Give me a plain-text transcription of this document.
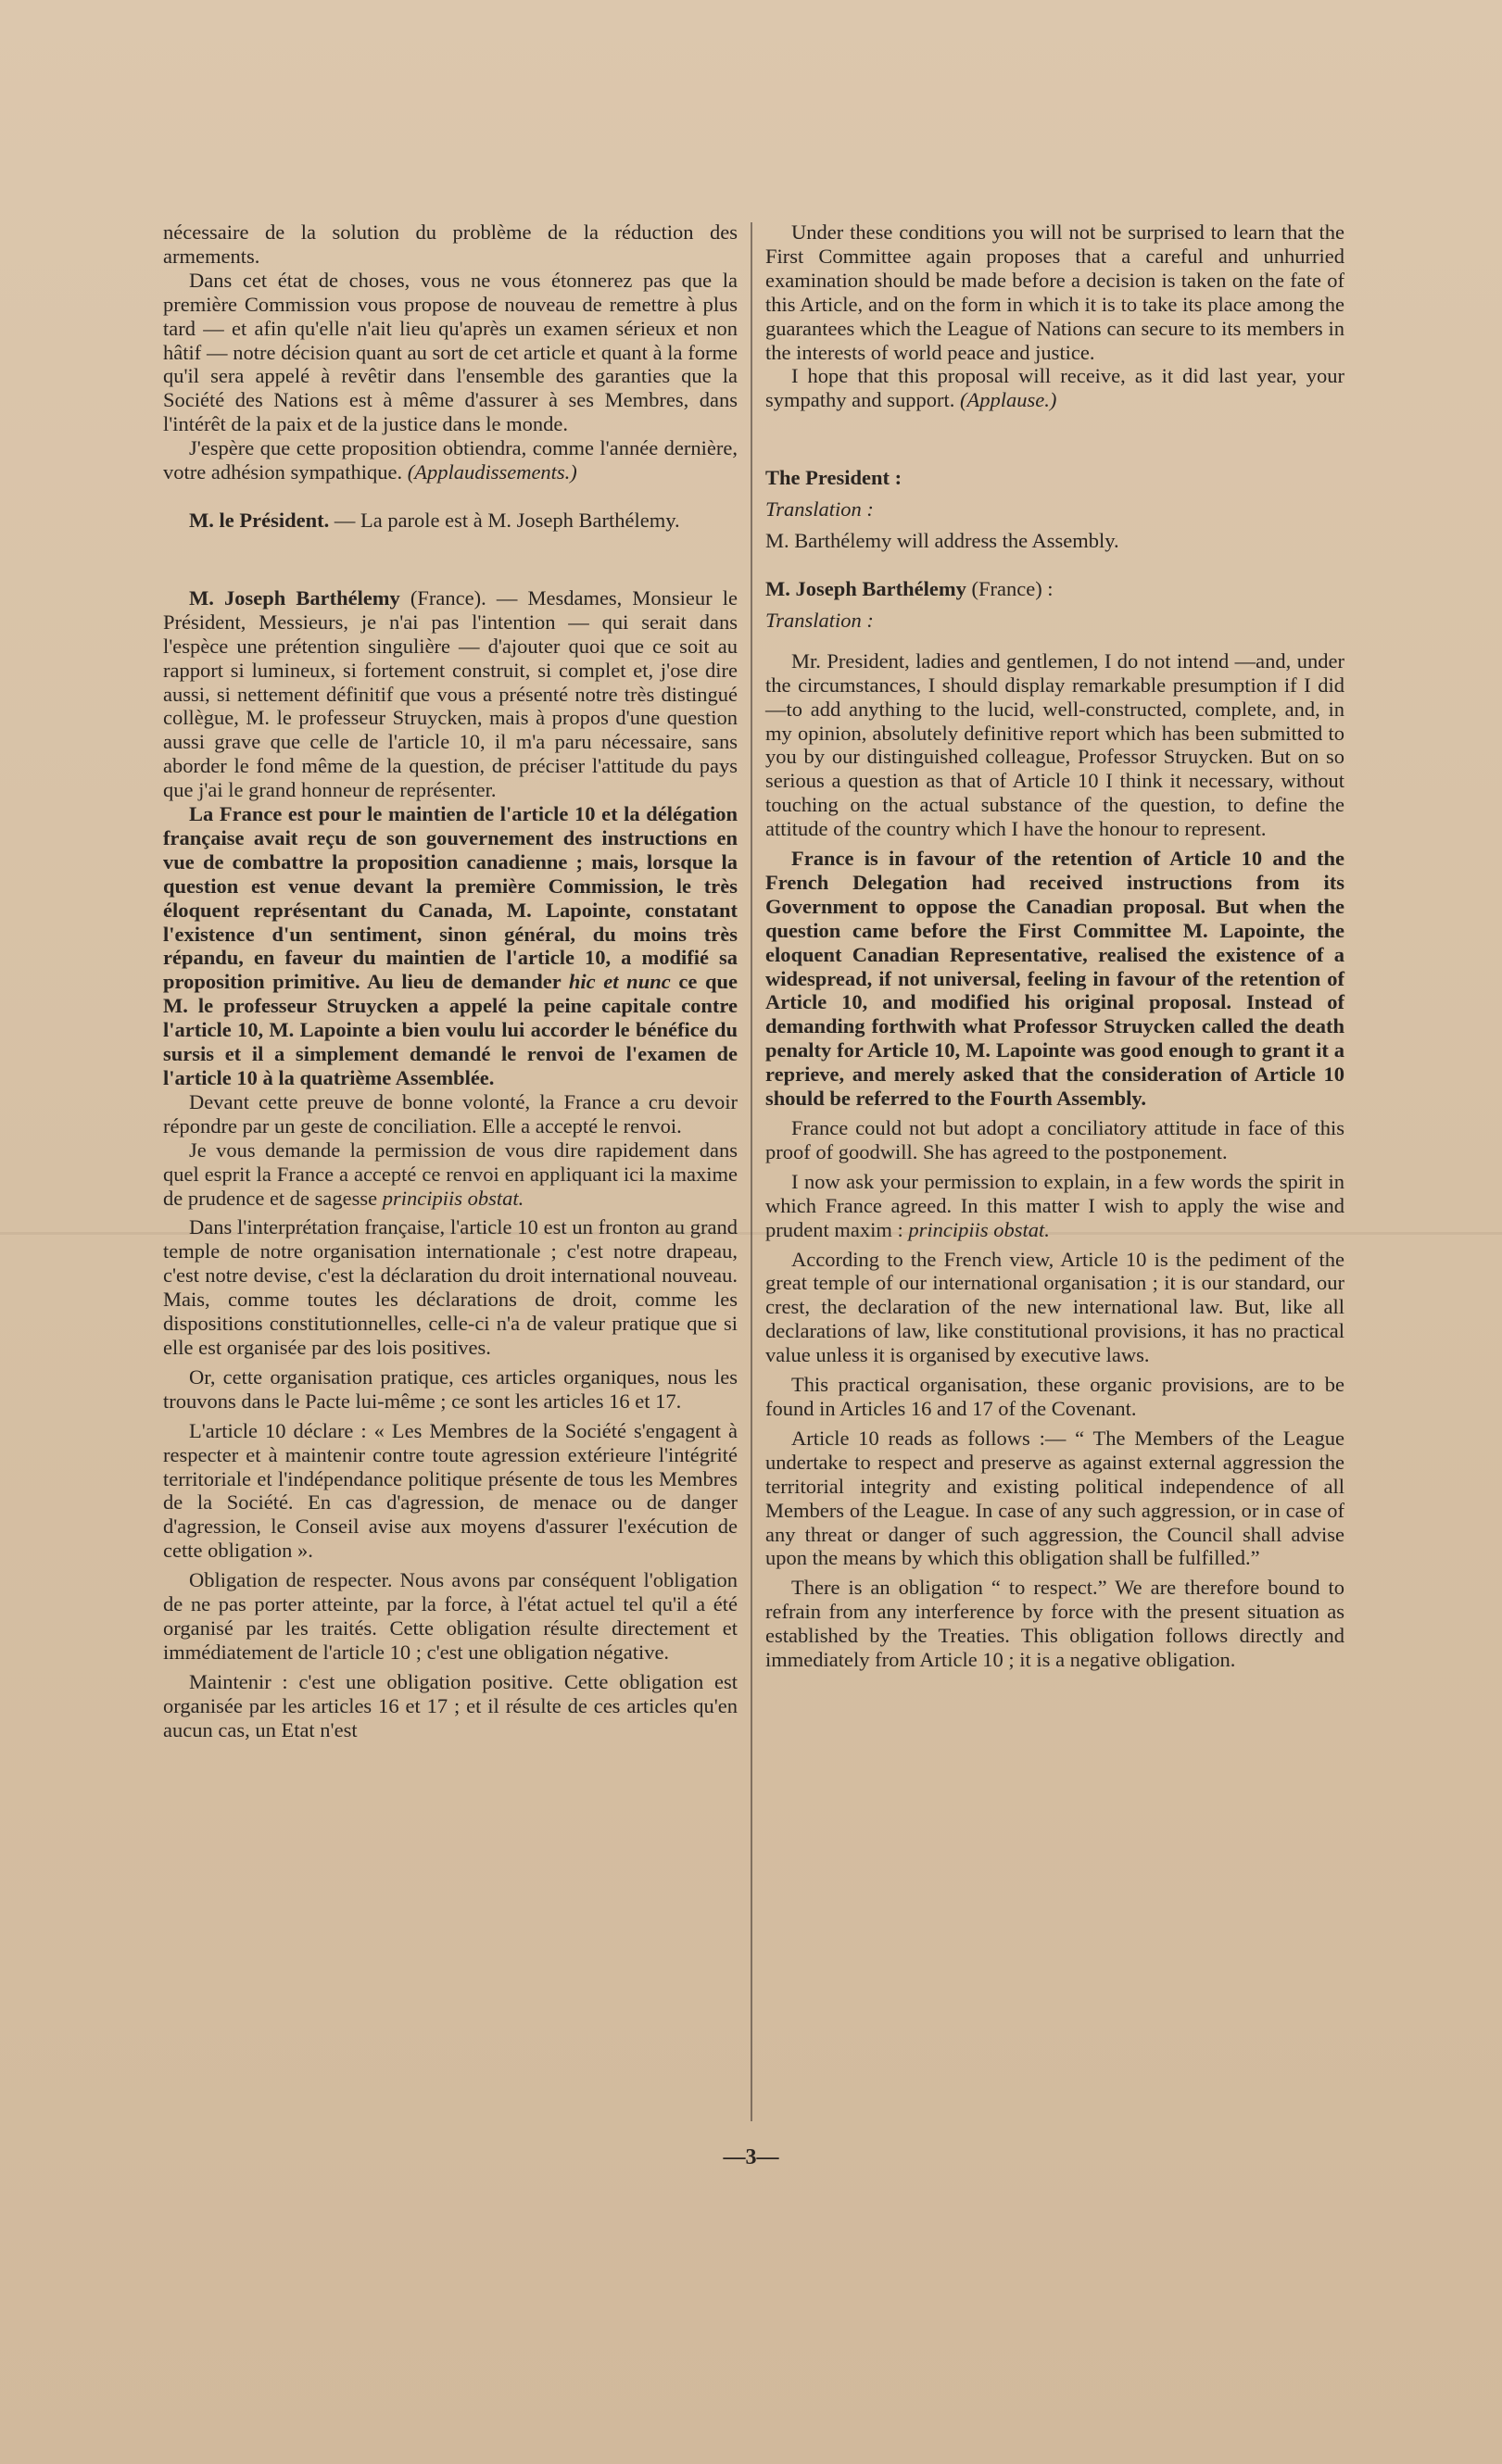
nécessaire de la solution du problème de la réduction des armements.

Dans cet état de choses, vous ne vous étonnerez pas que la première Commission vous propose de nouveau de remettre à plus tard — et afin qu'elle n'ait lieu qu'après un examen sérieux et non hâtif — notre décision quant au sort de cet article et quant à la forme qu'il sera appelé à revêtir dans l'ensemble des garanties que la Société des Nations est à même d'assurer à ses Membres, dans l'intérêt de la paix et de la justice dans le monde.

J'espère que cette proposition obtiendra, comme l'année dernière, votre adhésion sympathique. (Applaudissements.)

M. le Président. — La parole est à M. Joseph Barthélemy.

M. Joseph Barthélemy (France). — Mesdames, Monsieur le Président, Messieurs, je n'ai pas l'intention — qui serait dans l'espèce une prétention singulière — d'ajouter quoi que ce soit au rapport si lumineux, si fortement construit, si complet et, j'ose dire aussi, si nettement définitif que vous a présenté notre très distingué collègue, M. le professeur Struycken, mais à propos d'une question aussi grave que celle de l'article 10, il m'a paru nécessaire, sans aborder le fond même de la question, de préciser l'attitude du pays que j'ai le grand honneur de représenter.

La France est pour le maintien de l'article 10 et la délégation française avait reçu de son gouvernement des instructions en vue de combattre la proposition canadienne ; mais, lorsque la question est venue devant la première Commission, le très éloquent représentant du Canada, M. Lapointe, constatant l'existence d'un sentiment, sinon général, du moins très répandu, en faveur du maintien de l'article 10, a modifié sa proposition primitive. Au lieu de demander hic et nunc ce que M. le professeur Struycken a appelé la peine capitale contre l'article 10, M. Lapointe a bien voulu lui accorder le bénéfice du sursis et il a simplement demandé le renvoi de l'examen de l'article 10 à la quatrième Assemblée.

Devant cette preuve de bonne volonté, la France a cru devoir répondre par un geste de conciliation. Elle a accepté le renvoi.

Je vous demande la permission de vous dire rapidement dans quel esprit la France a accepté ce renvoi en appliquant ici la maxime de prudence et de sagesse principiis obstat.

Dans l'interprétation française, l'article 10 est un fronton au grand temple de notre organisation internationale ; c'est notre drapeau, c'est notre devise, c'est la déclaration du droit international nouveau. Mais, comme toutes les déclarations de droit, comme les dispositions constitutionnelles, celle-ci n'a de valeur pratique que si elle est organisée par des lois positives.

Or, cette organisation pratique, ces articles organiques, nous les trouvons dans le Pacte lui-même ; ce sont les articles 16 et 17.

L'article 10 déclare : « Les Membres de la Société s'engagent à respecter et à maintenir contre toute agression extérieure l'intégrité territoriale et l'indépendance politique présente de tous les Membres de la Société. En cas d'agression, de menace ou de danger d'agression, le Conseil avise aux moyens d'assurer l'exécution de cette obligation ».

Obligation de respecter. Nous avons par conséquent l'obligation de ne pas porter atteinte, par la force, à l'état actuel tel qu'il a été organisé par les traités. Cette obligation résulte directement et immédiatement de l'article 10 ; c'est une obligation négative.

Maintenir : c'est une obligation positive. Cette obligation est organisée par les articles 16 et 17 ; et il résulte de ces articles qu'en aucun cas, un Etat n'est

Under these conditions you will not be surprised to learn that the First Committee again proposes that a careful and unhurried examination should be made before a decision is taken on the fate of this Article, and on the form in which it is to take its place among the guarantees which the League of Nations can secure to its members in the interests of world peace and justice.

I hope that this proposal will receive, as it did last year, your sympathy and support. (Applause.)

The President :

Translation :

M. Barthélemy will address the Assembly.

M. Joseph Barthélemy (France) :

Translation :

Mr. President, ladies and gentlemen, I do not intend —and, under the circumstances, I should display remarkable presumption if I did—to add anything to the lucid, well-constructed, complete, and, in my opinion, absolutely definitive report which has been submitted to you by our distinguished colleague, Professor Struycken. But on so serious a question as that of Article 10 I think it necessary, without touching on the actual substance of the question, to define the attitude of the country which I have the honour to represent.

France is in favour of the retention of Article 10 and the French Delegation had received instructions from its Government to oppose the Canadian proposal. But when the question came before the First Committee M. Lapointe, the eloquent Canadian Representative, realised the existence of a widespread, if not universal, feeling in favour of the retention of Article 10, and modified his original proposal. Instead of demanding forthwith what Professor Struycken called the death penalty for Article 10, M. Lapointe was good enough to grant it a reprieve, and merely asked that the consideration of Article 10 should be referred to the Fourth Assembly.

France could not but adopt a conciliatory attitude in face of this proof of goodwill. She has agreed to the postponement.

I now ask your permission to explain, in a few words the spirit in which France agreed. In this matter I wish to apply the wise and prudent maxim : principiis obstat.

According to the French view, Article 10 is the pediment of the great temple of our international organisation ; it is our standard, our crest, the declaration of the new international law. But, like all declarations of law, like constitutional provisions, it has no practical value unless it is organised by executive laws.

This practical organisation, these organic provisions, are to be found in Articles 16 and 17 of the Covenant.

Article 10 reads as follows :— “ The Members of the League undertake to respect and preserve as against external aggression the territorial integrity and existing political independence of all Members of the League. In case of any such aggression, or in case of any threat or danger of such aggression, the Council shall advise upon the means by which this obligation shall be fulfilled.”

There is an obligation “ to respect.” We are therefore bound to refrain from any interference by force with the present situation as established by the Treaties. This obligation follows directly and immediately from Article 10 ; it is a negative obligation.

—3—
